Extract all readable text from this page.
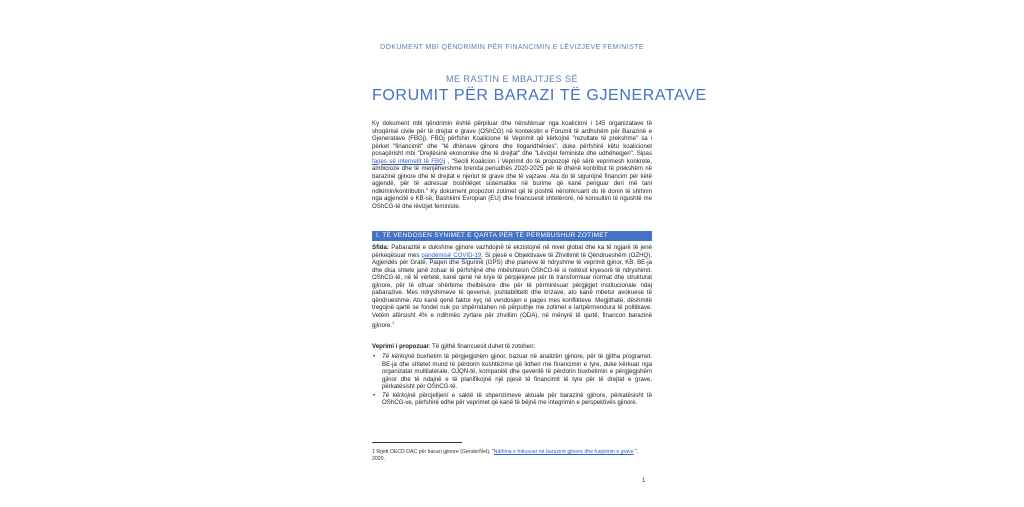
DOKUMENT MBI QËNDRIMIN PËR FINANCIMIN E LËVIZJEVE FEMINISTE
ME RASTIN E MBAJTJES SË
FORUMIT PËR BARAZI TË GJENERATAVE

Ky dokument mbi qëndrimin është përpiluar dhe nënshkruar nga koalicioni i 145 organizatave të shoqërisë civile për të drejtat e grave (OShCG) në kontekstin e Forumit të ardhshëm për Barazinë e Gjeneratave (FBGj). FBGj përfshin Koalicione të Veprimit që kërkojnë "rezultate të prekshme" sa i përket "financimit" dhe "të dhënave gjinore dhe llogaridhënies", duke përfshirë këtu koalicionet posaçërisht mbi "Drejtësinë ekonomike dhe të drejtat" dhe "Lëvizjet feministe dhe udhëheqjen". Sipas faqes së internetit të FBGj , "Secili Koalicion i Veprimit do të propozojë një sërë veprimesh konkrete, ambicioze dhe të menjëhershme brenda periudhës 2020-2025 për të dhënë kontribut të prekshëm në barazinë gjinore dhe të drejtat e njeriut të grave dhe të vajzave. Ata do të sigurojnë financim për këtë agjendë, për të adresuar boshllëqet sistematike në burime që kanë penguar deri më tani ndikimin/kontributin." Ky dokument propozon zotimet që të poshtë nënshkruarit do të donin të shihnin nga agjencitë e KB-së, Bashkimi Evropian (EU) dhe financuesit shtetërorë, në konsultim të ngushtë me OShCG-të dhe lëvizjet feministe.

I. TË VENDOSEN SYNIMET E QARTA PËR TË PËRMBUSHUR ZOTIMET

Sfida: Pabarazitë e dukshme gjinore vazhdojnë të ekzistojnë në nivel global dhe ka të ngjarë të jenë përkeqësuar mes pandemisë COVID-19. Si pjesë e Objektivave të Zhvillimit të Qëndrueshëm (OZHQ), Agjendës për Gratë, Paqen dhe Sigurinë (GPS) dhe planeve të ndryshme të veprimit gjinor, KB, BE-ja dhe disa shtete janë zotuar të përfshijnë dhe mbështesin OShCG-të si nxitësit kryesorë të ndryshimit. OShCG-të, në të vërtetë, kanë qenë në krye të përpjekjeve për të transformuar normat dhe strukturat gjinore, për të ofruar shërbime thelbësore dhe për të përmirësuar përgjigjet institucionale ndaj pabarazive. Mes ndryshimeve të qeverisë, joshtabilitetit dhe krizave, ato kanë mbetur avokuese të qëndrueshme. Ato kanë qenë faktor kyç në vendosjen e paqes mes konflikteve. Megjithatë, dëshmitë tregojnë qartë se fondet nuk po shpërndahen në përputhje me zotimet e lartpërmendura të politikave. Vetëm afërsisht 4% e ndihmës zyrtare për zhvillim (ODA), në mënyrë të qartë, financon barazinë gjinore.$^1$

Veprimi i propozuar: Të gjithë financuesit duhet të zotohen:

• Të kërkojnë buxhetim të përgjegjshëm gjinor, bazuar në analizën gjinore, për të gjitha programet. BE-ja dhe shtetet mund të përdorin kushtëzime që lidhen me financimin e tyre, duke kërkuar nga organizatat multilaterale, OJQN-të, kompanitë dhe qeveritë të përdorin buxhetimin e përgjegjshëm gjinor dhe të ndajnë e të planifikojnë një pjesë të financimit të tyre për të drejtat e grave, përkatësisht për OShCG-të.
• Të kërkojnë përcjelljen/ e saktë të shpenzimeve aktuale për barazinë gjinore, përkatësisht të OShCG-ve, përfshirë edhe për veprimet që kanë të bëjnë me integrimin e perspektivës gjinore.

1 Rrjeti OECD DAC për barazi gjinore (GenderNet), "Ndihma e fokusuar në barazinë gjinore dhe fuqizimin e grave ", 2020.

1
